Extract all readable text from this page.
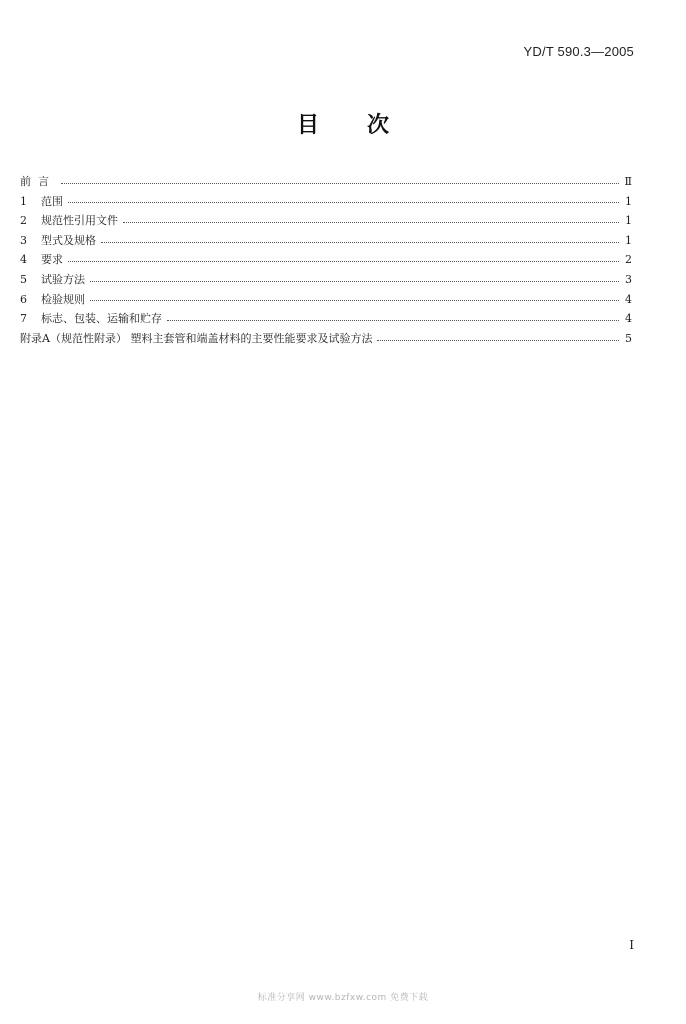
YD/T 590.3—2005
目次
前言	Ⅱ
1	范围	1
2	规范性引用文件	1
3	型式及规格	1
4	要求	2
5	试验方法	3
6	检验规则	4
7	标志、包装、运输和贮存	4
附录A（规范性附录） 塑料主套管和端盖材料的主要性能要求及试验方法	5
I
标准分享网 www.bzfxw.com 免费下载
